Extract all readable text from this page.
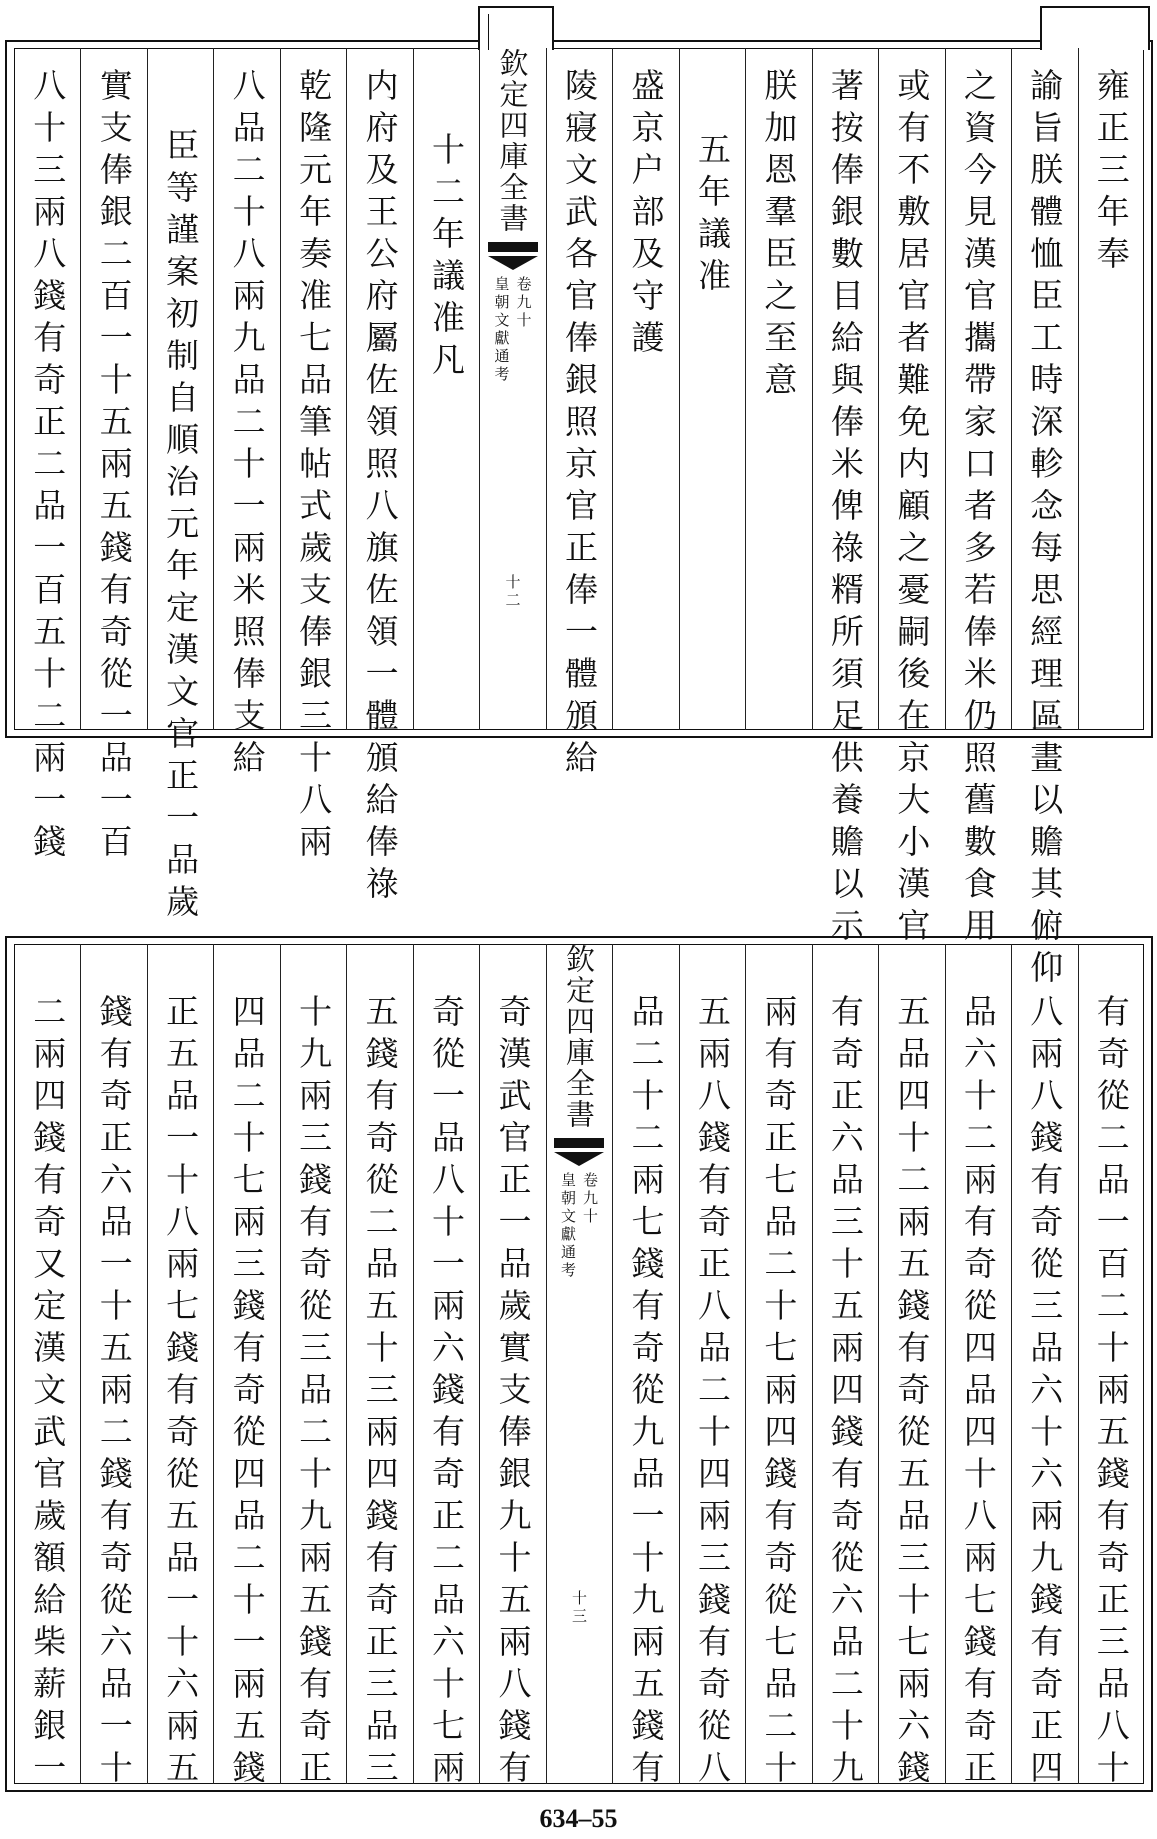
雍正三年奉
諭旨朕體恤臣工時深軫念每思經理區畫以贍其俯仰
之資今見漢官攜帶家口者多若俸米仍照舊數食用
或有不敷居官者難免内顧之憂嗣後在京大小漢官
著按俸銀數目給與俸米俾祿糈所須足供養贍以示
朕加恩羣臣之至意
五年議准
盛京户部及守護
陵寢文武各官俸銀照京官正俸一體頒給
欽定四庫全書
皇朝文獻通考 卷九十
十二
十二年議准凡
内府及王公府屬佐領照八旗佐領一體頒給俸祿
乾隆元年奏准七品筆帖式歲支俸銀三十八兩
八品二十八兩九品二十一兩米照俸支給
臣等謹案初制自順治元年定漢文官正一品歲
實支俸銀二百一十五兩五錢有奇從一品一百
八十三兩八錢有奇正二品一百五十二兩一錢
有奇從二品一百二十兩五錢有奇正三品八十
八兩八錢有奇從三品六十六兩九錢有奇正四
品六十二兩有奇從四品四十八兩七錢有奇正
五品四十二兩五錢有奇從五品三十七兩六錢
有奇正六品三十五兩四錢有奇從六品二十九
兩有奇正七品二十七兩四錢有奇從七品二十
五兩八錢有奇正八品二十四兩三錢有奇從八
品二十二兩七錢有奇從九品一十九兩五錢有
欽定四庫全書
皇朝文獻通考 卷九十
十三
奇漢武官正一品歲實支俸銀九十五兩八錢有
奇從一品八十一兩六錢有奇正二品六十七兩
五錢有奇從二品五十三兩四錢有奇正三品三
十九兩三錢有奇從三品二十九兩五錢有奇正
四品二十七兩三錢有奇從四品二十一兩五錢
正五品一十八兩七錢有奇從五品一十六兩五
錢有奇正六品一十五兩二錢有奇從六品一十
二兩四錢有奇又定漢文武官歲額給柴薪銀一
634–55
